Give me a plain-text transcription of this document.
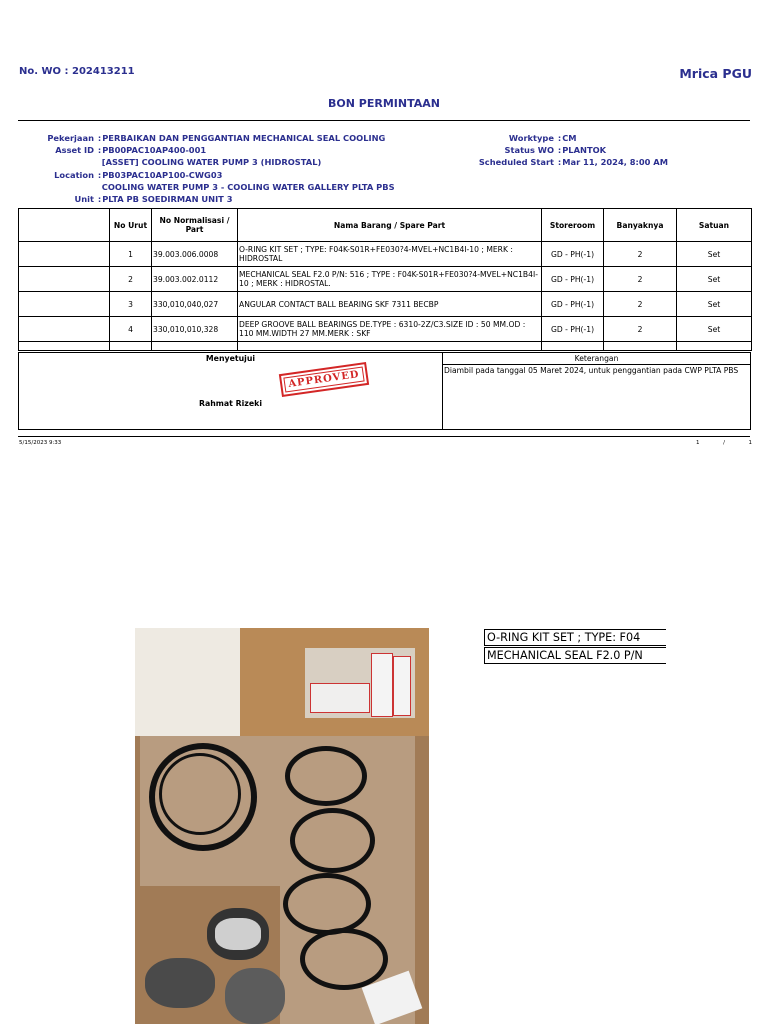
No. WO : 202413211	Mrica PGU
BON PERMINTAAN
Pekerjaan :PERBAIKAN DAN PENGGANTIAN MECHANICAL SEAL COOLING
Asset ID :PB00PAC10AP400-001
[ASSET] COOLING WATER PUMP 3 (HIDROSTAL)
Location :PB03PAC10AP100-CWG03
COOLING WATER PUMP 3 - COOLING WATER GALLERY PLTA PBS
Unit :PLTA PB SOEDIRMAN UNIT 3
Worktype :CM
Status WO :PLANTOK
Scheduled Start :Mar 11, 2024, 8:00 AM
	No Urut	No Normalisasi / Part	Nama Barang / Spare Part	Storeroom	Banyaknya	Satuan
	1	39.003.006.0008	O-RING KIT SET ; TYPE: F04K-S01R+FE030?4-MVEL+NC1B4I-10 ; MERK : HIDROSTAL	GD - PH(-1)	2	Set
	2	39.003.002.0112	MECHANICAL SEAL F2.0 P/N: 516 ; TYPE : F04K-S01R+FE030?4-MVEL+NC1B4I-10 ; MERK : HIDROSTAL.	GD - PH(-1)	2	Set
	3	330,010,040,027	ANGULAR CONTACT BALL BEARING SKF 7311 BECBP	GD - PH(-1)	2	Set
	4	330,010,010,328	DEEP GROOVE BALL BEARINGS DE.TYPE : 6310-2Z/C3.SIZE ID : 50 MM.OD : 110 MM.WIDTH 27 MM.MERK : SKF	GD - PH(-1)	2	Set

Menyetujui
APPROVED
Rahmat Rizeki
Keterangan
Diambil pada tanggal 05 Maret 2024, untuk penggantian pada CWP PLTA PBS
5/15/2023 9:33	1	/	1
O-RING KIT SET ; TYPE: F04
MECHANICAL SEAL F2.0 P/N
